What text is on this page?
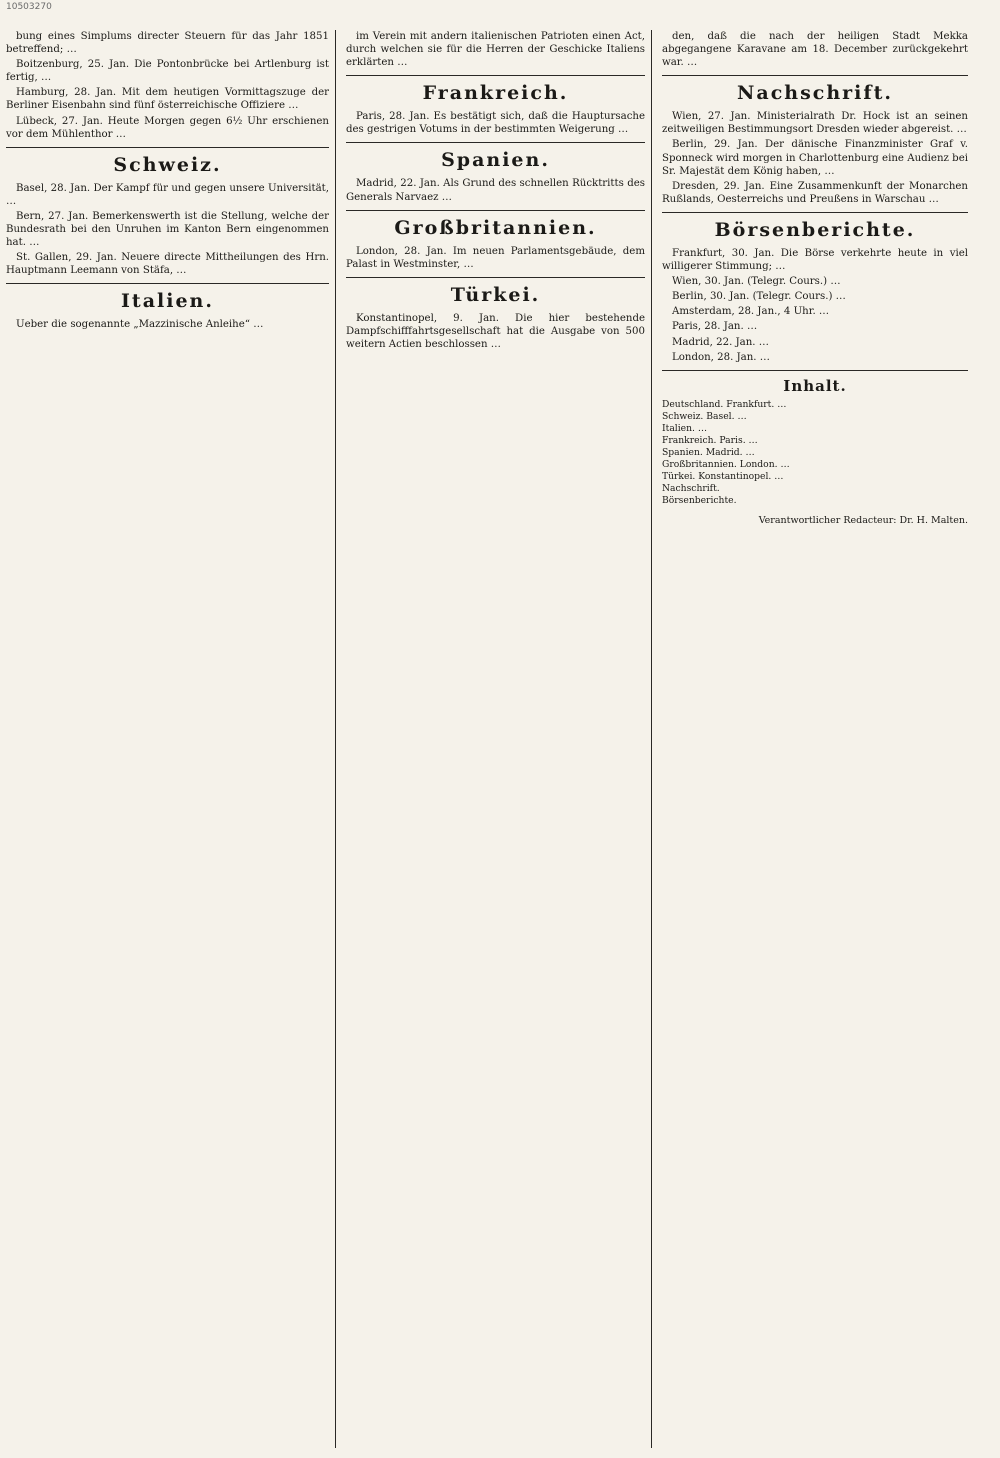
10503270

bung eines Simplums directer Steuern für das Jahr 1851 betreffend; …

Boitzenburg, 25. Jan. Die Pontonbrücke bei Artlenburg ist fertig, …

Hamburg, 28. Jan. Mit dem heutigen Vormittagszuge der Berliner Eisenbahn sind fünf österreichische Offiziere …

Lübeck, 27. Jan. Heute Morgen gegen 6½ Uhr erschienen vor dem Mühlenthor …

Schweiz.

Basel, 28. Jan. Der Kampf für und gegen unsere Universität, …

Bern, 27. Jan. Bemerkenswerth ist die Stellung, welche der Bundesrath bei den Unruhen im Kanton Bern eingenommen hat. …

St. Gallen, 29. Jan. Neuere directe Mittheilungen des Hrn. Hauptmann Leemann von Stäfa, …

Italien.

Ueber die sogenannte „Mazzinische Anleihe“ …

im Verein mit andern italienischen Patrioten einen Act, durch welchen sie für die Herren der Geschicke Italiens erklärten …

Frankreich.

Paris, 28. Jan. Es bestätigt sich, daß die Hauptursache des gestrigen Votums in der bestimmten Weigerung …

Spanien.

Madrid, 22. Jan. Als Grund des schnellen Rücktritts des Generals Narvaez …

Großbritannien.

London, 28. Jan. Im neuen Parlamentsgebäude, dem Palast in Westminster, …

Türkei.

Konstantinopel, 9. Jan. Die hier bestehende Dampfschifffahrtsgesellschaft hat die Ausgabe von 500 weitern Actien beschlossen …

den, daß die nach der heiligen Stadt Mekka abgegangene Karavane am 18. December zurückgekehrt war. …

Nachschrift.

Wien, 27. Jan. Ministerialrath Dr. Hock ist an seinen zeitweiligen Bestimmungsort Dresden wieder abgereist. …

Berlin, 29. Jan. Der dänische Finanzminister Graf v. Sponneck wird morgen in Charlottenburg eine Audienz bei Sr. Majestät dem König haben, …

Dresden, 29. Jan. Eine Zusammenkunft der Monarchen Rußlands, Oesterreichs und Preußens in Warschau …

Börsenberichte.

Frankfurt, 30. Jan. Die Börse verkehrte heute in viel willigerer Stimmung; …

Wien, 30. Jan. (Telegr. Cours.) …

Berlin, 30. Jan. (Telegr. Cours.) …

Amsterdam, 28. Jan., 4 Uhr. …

Paris, 28. Jan. …

Madrid, 22. Jan. …

London, 28. Jan. …

Inhalt.

Deutschland. Frankfurt. …

Schweiz. Basel. …

Italien. …

Frankreich. Paris. …

Spanien. Madrid. …

Großbritannien. London. …

Türkei. Konstantinopel. …

Nachschrift.

Börsenberichte.

Verantwortlicher Redacteur: Dr. H. Malten.
